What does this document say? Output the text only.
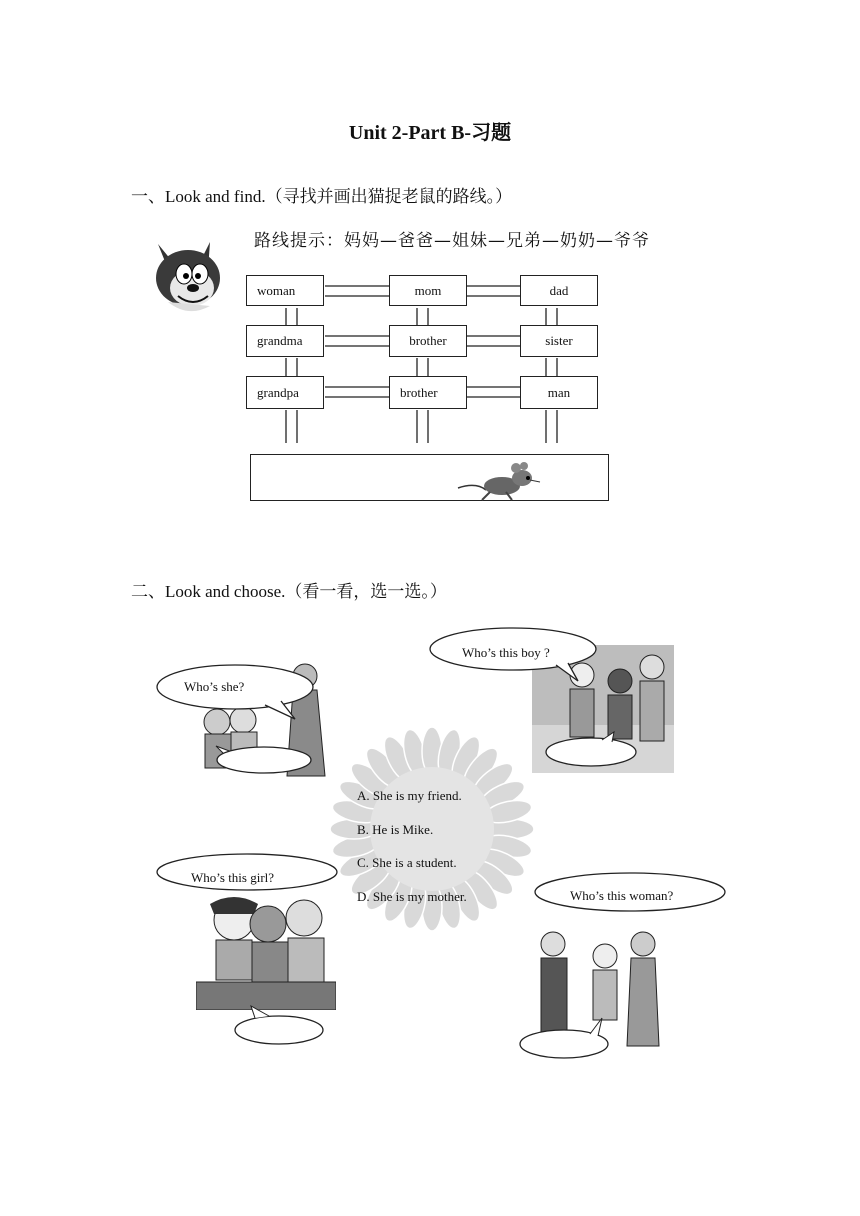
Unit 2-Part B-习题
一、Look and find.（寻找并画出猫捉老鼠的路线。）
路线提示：妈妈—爸爸—姐妹—兄弟—奶奶—爷爷
woman	mom	dad
grandma	brother	sister
grandpa	brother	man
二、Look and choose.（看一看，选一选。）
A. She is my friend.
B. He is Mike.
C. She is a student.
D. She is my mother.
Who’s she?
Who’s this boy ?
Who’s this girl?
Who’s this woman?
